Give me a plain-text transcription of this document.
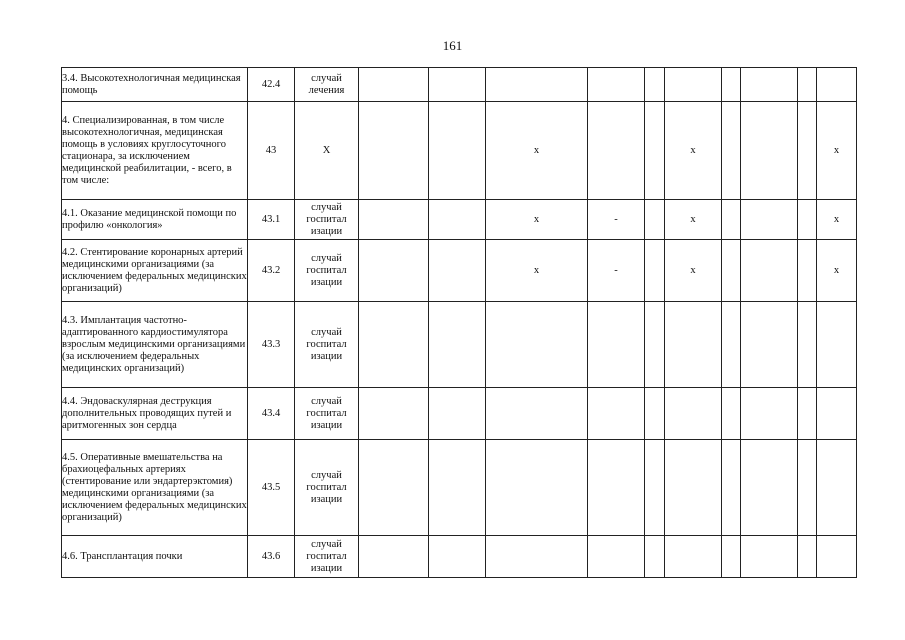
161
3.4. Высокотехнологичная медицинская помощь	42.4	случай лечения										
4. Специализированная, в том числе высокотехнологичная, медицинская помощь в условиях круглосуточного стационара, за исключением медицинской реабилитации, - всего, в том числе:	43	X			x			x				x
4.1. Оказание медицинской помощи по профилю «онкология»	43.1	случай госпитал изации			x	-		x				x
4.2. Стентирование коронарных артерий медицинскими организациями (за исключением федеральных медицинских организаций)	43.2	случай госпитал изации			x	-		x				x
4.3. Имплантация частотно-адаптированного кардиостимулятора взрослым медицинскими организациями (за исключением федеральных медицинских организаций)	43.3	случай госпитал изации										
4.4. Эндоваскулярная деструкция дополнительных проводящих путей и аритмогенных зон сердца	43.4	случай госпитал изации										
4.5. Оперативные вмешательства на брахиоцефальных артериях (стентирование или эндартерэктомия) медицинскими организациями (за исключением федеральных медицинских организаций)	43.5	случай госпитал изации										
4.6. Трансплантация почки	43.6	случай госпитал изации										
